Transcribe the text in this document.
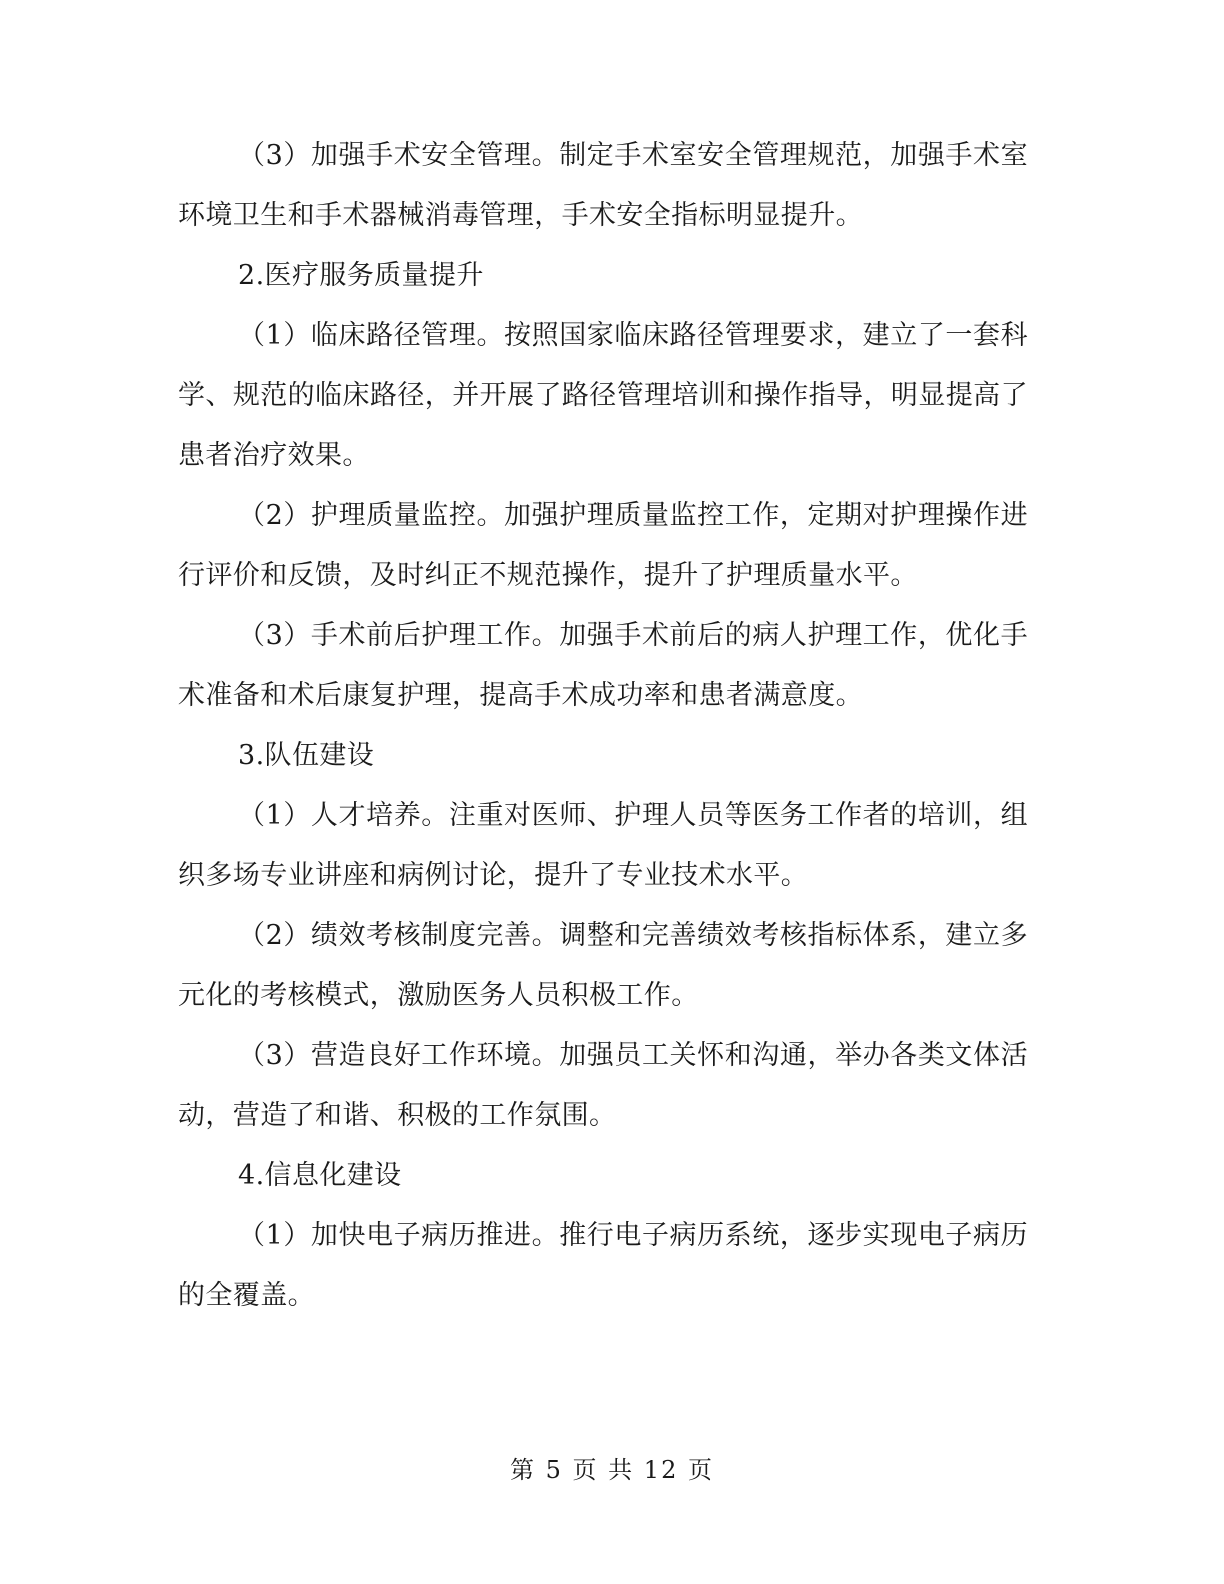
（3）加强手术安全管理。制定手术室安全管理规范，加强手术室环境卫生和手术器械消毒管理，手术安全指标明显提升。

2.医疗服务质量提升

（1）临床路径管理。按照国家临床路径管理要求，建立了一套科学、规范的临床路径，并开展了路径管理培训和操作指导，明显提高了患者治疗效果。

（2）护理质量监控。加强护理质量监控工作，定期对护理操作进行评价和反馈，及时纠正不规范操作，提升了护理质量水平。

（3）手术前后护理工作。加强手术前后的病人护理工作，优化手术准备和术后康复护理，提高手术成功率和患者满意度。

3.队伍建设

（1）人才培养。注重对医师、护理人员等医务工作者的培训，组织多场专业讲座和病例讨论，提升了专业技术水平。

（2）绩效考核制度完善。调整和完善绩效考核指标体系，建立多元化的考核模式，激励医务人员积极工作。

（3）营造良好工作环境。加强员工关怀和沟通，举办各类文体活动，营造了和谐、积极的工作氛围。

4.信息化建设

（1）加快电子病历推进。推行电子病历系统，逐步实现电子病历的全覆盖。

第 5 页 共 12 页
